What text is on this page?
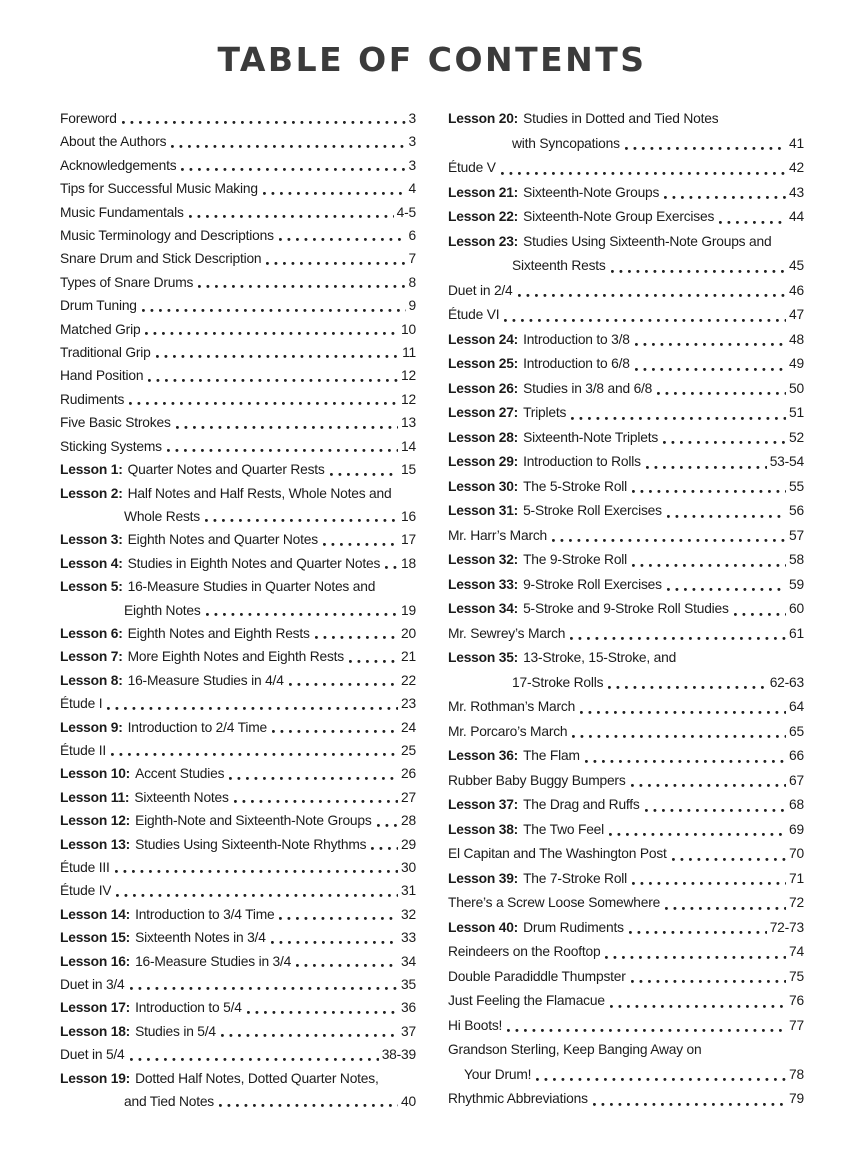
TABLE OF CONTENTS
Foreword	3
About the Authors	3
Acknowledgements	3
Tips for Successful Music Making	4
Music Fundamentals	4-5
Music Terminology and Descriptions	6
Snare Drum and Stick Description	7
Types of Snare Drums	8
Drum Tuning	9
Matched Grip	10
Traditional Grip	11
Hand Position	12
Rudiments	12
Five Basic Strokes	13
Sticking Systems	14
Lesson 1: Quarter Notes and Quarter Rests	15
Lesson 2: Half Notes and Half Rests, Whole Notes and
Whole Rests	16
Lesson 3: Eighth Notes and Quarter Notes	17
Lesson 4: Studies in Eighth Notes and Quarter Notes 18
Lesson 5: 16-Measure Studies in Quarter Notes and
Eighth Notes	19
Lesson 6: Eighth Notes and Eighth Rests	20
Lesson 7: More Eighth Notes and Eighth Rests	21
Lesson 8: 16-Measure Studies in 4/4	22
Étude I	23
Lesson 9: Introduction to 2/4 Time	24
Étude II	25
Lesson 10: Accent Studies	26
Lesson 11: Sixteenth Notes	27
Lesson 12: Eighth-Note and Sixteenth-Note Groups 28
Lesson 13: Studies Using Sixteenth-Note Rhythms	29
Étude III	30
Étude IV	31
Lesson 14: Introduction to 3/4 Time	32
Lesson 15: Sixteenth Notes in 3/4	33
Lesson 16: 16-Measure Studies in 3/4	34
Duet in 3/4	35
Lesson 17: Introduction to 5/4	36
Lesson 18: Studies in 5/4	37
Duet in 5/4	38-39
Lesson 19: Dotted Half Notes, Dotted Quarter Notes,
and Tied Notes	40
Lesson 20: Studies in Dotted and Tied Notes
with Syncopations	41
Étude V	42
Lesson 21: Sixteenth-Note Groups	43
Lesson 22: Sixteenth-Note Group Exercises	44
Lesson 23: Studies Using Sixteenth-Note Groups and
Sixteenth Rests	45
Duet in 2/4	46
Étude VI	47
Lesson 24: Introduction to 3/8	48
Lesson 25: Introduction to 6/8	49
Lesson 26: Studies in 3/8 and 6/8	50
Lesson 27: Triplets	51
Lesson 28: Sixteenth-Note Triplets	52
Lesson 29: Introduction to Rolls	53-54
Lesson 30: The 5-Stroke Roll	55
Lesson 31: 5-Stroke Roll Exercises	56
Mr. Harr’s March	57
Lesson 32: The 9-Stroke Roll	58
Lesson 33: 9-Stroke Roll Exercises	59
Lesson 34: 5-Stroke and 9-Stroke Roll Studies	60
Mr. Sewrey’s March	61
Lesson 35: 13-Stroke, 15-Stroke, and
17-Stroke Rolls	62-63
Mr. Rothman’s March	64
Mr. Porcaro’s March	65
Lesson 36: The Flam	66
Rubber Baby Buggy Bumpers	67
Lesson 37: The Drag and Ruffs	68
Lesson 38: The Two Feel	69
El Capitan and The Washington Post	70
Lesson 39: The 7-Stroke Roll	71
There’s a Screw Loose Somewhere	72
Lesson 40: Drum Rudiments	72-73
Reindeers on the Rooftop	74
Double Paradiddle Thumpster	75
Just Feeling the Flamacue	76
Hi Boots!	77
Grandson Sterling, Keep Banging Away on
Your Drum!	78
Rhythmic Abbreviations	79
